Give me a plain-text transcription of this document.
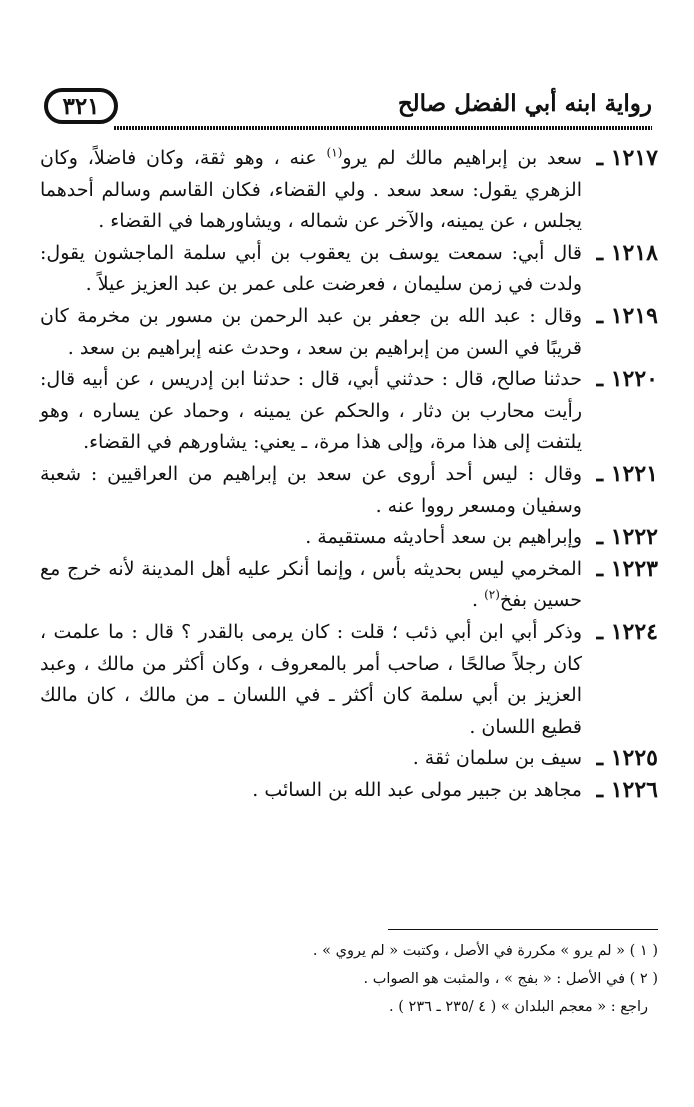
٣٢١	رواية ابنه أبي الفضل صالح

١٢١٧ ـ
سعد بن إبراهيم مالك لم يرو$^{(١)}$ عنه ، وهو ثقة، وكان فاضلاً، وكان الزهري يقول: سعد سعد . ولي القضاء، فكان القاسم وسالم أحدهما يجلس ، عن يمينه، والآخر عن شماله ، ويشاورهما في القضاء .

١٢١٨ ـ
قال أبي: سمعت يوسف بن يعقوب بن أبي سلمة الماجشون يقول: ولدت في زمن سليمان ، فعرضت على عمر بن عبد العزيز عيلاً .

١٢١٩ ـ
وقال : عبد الله بن جعفر بن عبد الرحمن بن مسور بن مخرمة كان قريبًا في السن من إبراهيم بن سعد ، وحدث عنه إبراهيم بن سعد .

١٢٢٠ ـ
حدثنا صالح، قال : حدثني أبي، قال : حدثنا ابن إدريس ، عن أبيه قال: رأيت محارب بن دثار ، والحكم عن يمينه ، وحماد عن يساره ، وهو يلتفت إلى هذا مرة، وإلى هذا مرة، ـ يعني: يشاورهم في القضاء.

١٢٢١ ـ
وقال : ليس أحد أروى عن سعد بن إبراهيم من العراقيين : شعبة وسفيان ومسعر رووا عنه .

١٢٢٢ ـ
وإبراهيم بن سعد أحاديثه مستقيمة .

١٢٢٣ ـ
المخرمي ليس بحديثه بأس ، وإنما أنكر عليه أهل المدينة لأنه خرج مع حسين بفخ$^{(٢)}$ .

١٢٢٤ ـ
وذكر أبي ابن أبي ذئب ؛ قلت : كان يرمى بالقدر ؟ قال : ما علمت ، كان رجلاً صالحًا ، صاحب أمر بالمعروف ، وكان أكثر من مالك ، وعبد العزيز بن أبي سلمة كان أكثر ـ في اللسان ـ من مالك ، كان مالك قطيع اللسان .

١٢٢٥ ـ
سيف بن سلمان ثقة .

١٢٢٦ ـ
مجاهد بن جبير مولى عبد الله بن السائب .

( ١ ) « لم يرو » مكررة في الأصل ، وكتبت « لم يروي » .

( ٢ ) في الأصل : « بفج » ، والمثبت هو الصواب .

راجع : « معجم البلدان » ( ٤ /٢٣٥ ـ ٢٣٦ ) .
